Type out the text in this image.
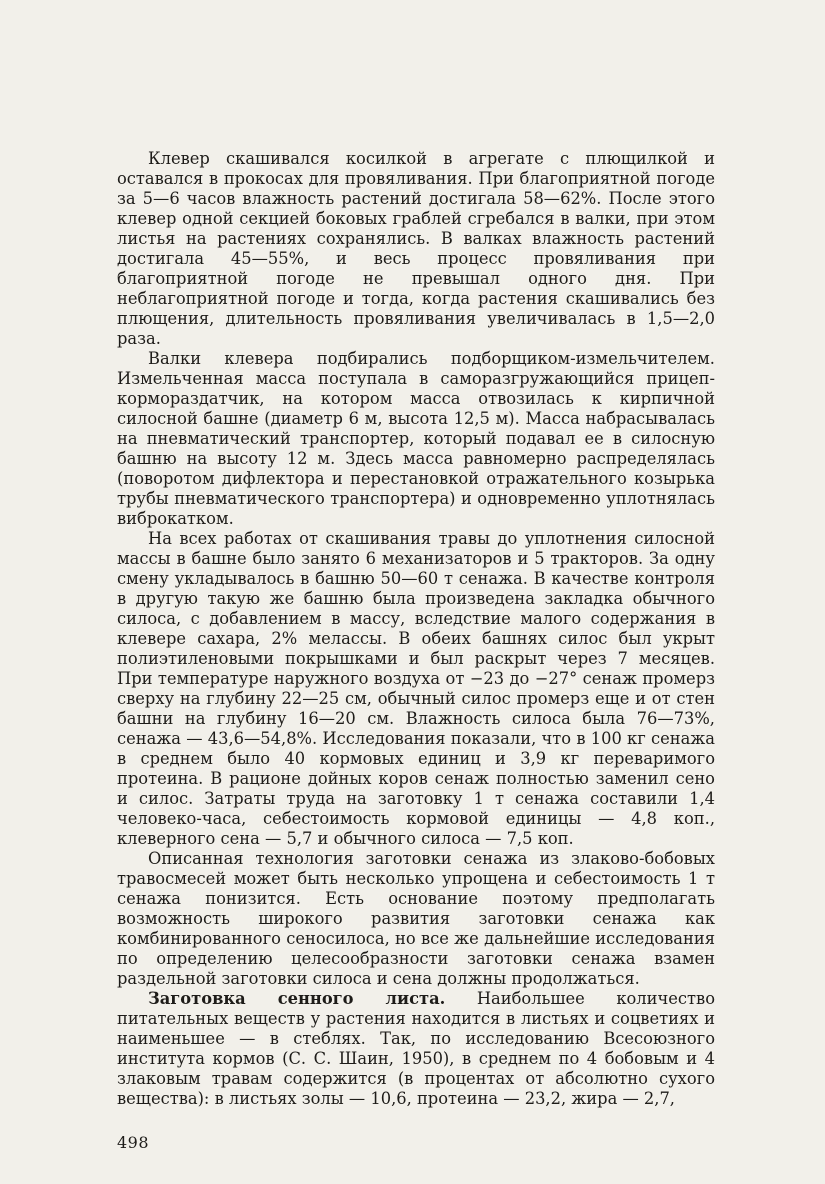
Клевер скашивался косилкой в агрегате с плющилкой и оставался в прокосах для провяливания. При благоприятной погоде за 5—6 часов влажность растений достигала 58—62%. После этого клевер одной секцией боковых граблей сгребался в валки, при этом листья на растениях сохранялись. В валках влажность растений достигала 45—55%, и весь процесс провяливания при благоприятной погоде не превышал одного дня. При неблагоприятной погоде и тогда, когда растения скашивались без плющения, длительность провяливания увеличивалась в 1,5—2,0 раза.

Валки клевера подбирались подборщиком-измельчителем. Измельченная масса поступала в саморазгружающийся прицеп-кормораздатчик, на котором масса отвозилась к кирпичной силосной башне (диаметр 6 м, высота 12,5 м). Масса набрасывалась на пневматический транспортер, который подавал ее в силосную башню на высоту 12 м. Здесь масса равномерно распределялась (поворотом дифлектора и перестановкой отражательного козырька трубы пневматического транспортера) и одновременно уплотнялась виброкатком.

На всех работах от скашивания травы до уплотнения силосной массы в башне было занято 6 механизаторов и 5 тракторов. За одну смену укладывалось в башню 50—60 т сенажа. В качестве контроля в другую такую же башню была произведена закладка обычного силоса, с добавлением в массу, вследствие малого содержания в клевере сахара, 2% мелассы. В обеих башнях силос был укрыт полиэтиленовыми покрышками и был раскрыт через 7 месяцев. При температуре наружного воздуха от −23 до −27° сенаж промерз сверху на глубину 22—25 см, обычный силос промерз еще и от стен башни на глубину 16—20 см. Влажность силоса была 76—73%, сенажа — 43,6—54,8%. Исследования показали, что в 100 кг сенажа в среднем было 40 кормовых единиц и 3,9 кг переваримого протеина. В рационе дойных коров сенаж полностью заменил сено и силос. Затраты труда на заготовку 1 т сенажа составили 1,4 человеко-часа, себестоимость кормовой единицы — 4,8 коп., клеверного сена — 5,7 и обычного силоса — 7,5 коп.

Описанная технология заготовки сенажа из злаково-бобовых травосмесей может быть несколько упрощена и себестоимость 1 т сенажа понизится. Есть основание поэтому предполагать возможность широкого развития заготовки сенажа как комбинированного сеносилоса, но все же дальнейшие исследования по определению целесообразности заготовки сенажа взамен раздельной заготовки силоса и сена должны продолжаться.

Заготовка сенного листа. Наибольшее количество питательных веществ у растения находится в листьях и соцветиях и наименьшее — в стеблях. Так, по исследованию Всесоюзного института кормов (С. С. Шаин, 1950), в среднем по 4 бобовым и 4 злаковым травам содержится (в процентах от абсолютно сухого вещества): в листьях золы — 10,6, протеина — 23,2, жира — 2,7,

498
